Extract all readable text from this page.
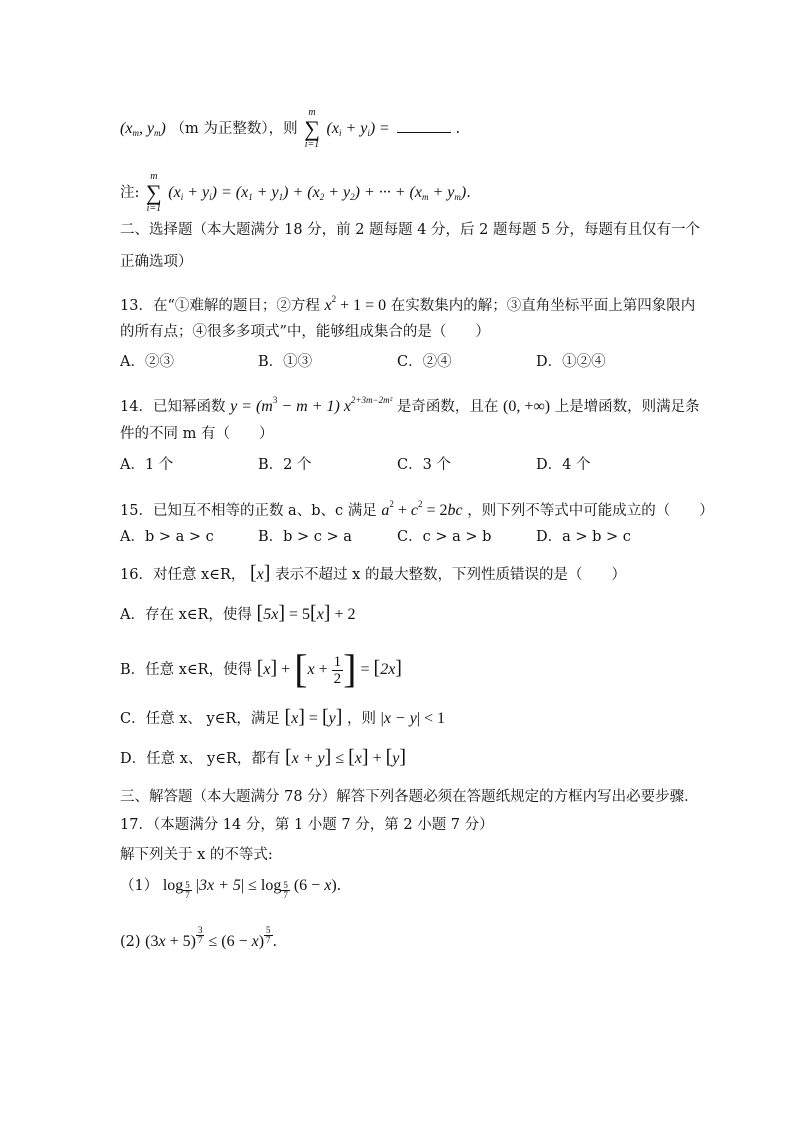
($x_m$, $y_m$) （m 为正整数），则
m
∑
i=1
$(x_i + y_i)$ =	.
注:
m
∑
i=1
$(x_i + y_i) = (x_1 + y_1) + (x_2 + y_2)$ + ··· + $(x_m + y_m)$.
二、选择题（本大题满分 18 分，前 2 题每题 4 分，后 2 题每题 5 分，每题有且仅有一个
正确选项）
13．在“①难解的题目；②方程 $x^2 + 1 = 0$ 在实数集内的解；③直角坐标平面上第四象限内
的所有点；④很多多项式”中，能够组成集合的是（　　）
A．②③	B．①③	C．②④	D．①②④
14．已知幂函数 $y = (m^3 - m + 1)$ $x^{2+3m-2m^2}$ 是奇函数，且在 (0, +∞) 上是增函数，则满足条
件的不同 m 有（　　）
A．1 个	B．2 个	C．3 个	D．4 个
15．已知互不相等的正数 a、b、c 满足 $a^2 + c^2 = 2bc$ ，则下列不等式中可能成立的（　　）
A．b > a > c	B．b > c > a	C．c > a > b	D．a > b > c
16．对任意 x∈R， [x] 表示不超过 x 的最大整数，下列性质错误的是（　　）
A．存在 x∈R，使得 [5x] = 5[x] + 2
B．任意 x∈R，使得 $[x] + [x + \frac{1}{2}$ ] = [2x]
C．任意 x、 y∈R，满足 [x] = [y] ，则 |x − y| < 1
D．任意 x、 y∈R，都有 [x + y] ≤ [x] + [y]
三、解答题（本大题满分 78 分）解答下列各题必须在答题纸规定的方框内写出必要步骤．
17．（本题满分 14 分，第 1 小题 7 分，第 2 小题 7 分）
解下列关于 x 的不等式:
（1） log $_{\frac{5}{7}}$ |3x + 5| ≤ log $_{\frac{5}{7}}$ (6 − x).
(2) (3x + 5) $^{\frac{3}{7}}$ ≤ (6 − x) $^{\frac{5}{7}}$ .
